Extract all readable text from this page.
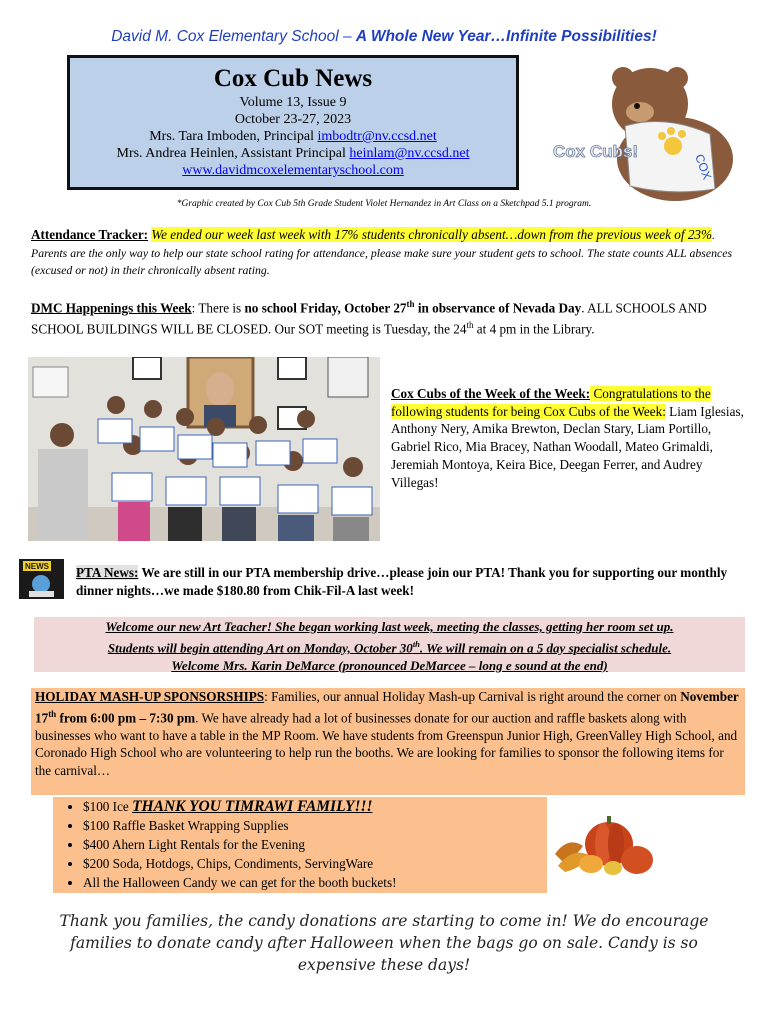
David M. Cox Elementary School – A Whole New Year…Infinite Possibilities!
Cox Cub News
Volume 13, Issue 9
October 23-27, 2023
Mrs. Tara Imboden, Principal imbodtr@nv.ccsd.net
Mrs. Andrea Heinlen, Assistant Principal heinlam@nv.ccsd.net
www.davidmcoxelementaryschool.com	COX
Cox Cubs!
*Graphic created by Cox Cub 5th Grade Student Violet Hernandez in Art Class on a Sketchpad 5.1 program.
Attendance Tracker: We ended our week last week with 17% students chronically absent…down from the previous week of 23%. Parents are the only way to help our state school rating for attendance, please make sure your student gets to school. The state counts ALL absences (excused or not) in their chronically absent rating.
DMC Happenings this Week: There is no school Friday, October 27th in observance of Nevada Day. ALL SCHOOLS AND SCHOOL BUILDINGS WILL BE CLOSED. Our SOT meeting is Tuesday, the 24th at 4 pm in the Library.
Cox Cubs of the Week of the Week: Congratulations to the following students for being Cox Cubs of the Week: Liam Iglesias, Anthony Nery, Amika Brewton, Declan Stary, Liam Portillo, Gabriel Rico, Mia Bracey, Nathan Woodall, Mateo Grimaldi, Jeremiah Montoya, Keira Bice, Deegan Ferrer, and Audrey Villegas!
NEWS PTA News: We are still in our PTA membership drive…please join our PTA! Thank you for supporting our monthly dinner nights…we made $180.80 from Chik-Fil-A last week!
Welcome our new Art Teacher! She began working last week, meeting the classes, getting her room set up.
Students will begin attending Art on Monday, October 30th. We will remain on a 5 day specialist schedule.
Welcome Mrs. Karin DeMarce (pronounced DeMarcee – long e sound at the end)
HOLIDAY MASH-UP SPONSORSHIPS: Families, our annual Holiday Mash-up Carnival is right around the corner on November 17th from 6:00 pm – 7:30 pm. We have already had a lot of businesses donate for our auction and raffle baskets along with businesses who want to have a table in the MP Room. We have students from Greenspun Junior High, GreenValley High School, and Coronado High School who are volunteering to help run the booths. We are looking for families to sponsor the following items for the carnival…
• $100 Ice THANK YOU TIMRAWI FAMILY!!!
• $100 Raffle Basket Wrapping Supplies
• $400 Ahern Light Rentals for the Evening
• $200 Soda, Hotdogs, Chips, Condiments, ServingWare
• All the Halloween Candy we can get for the booth buckets!
Thank you families, the candy donations are starting to come in! We do encourage families to donate candy after Halloween when the bags go on sale. Candy is so expensive these days!
